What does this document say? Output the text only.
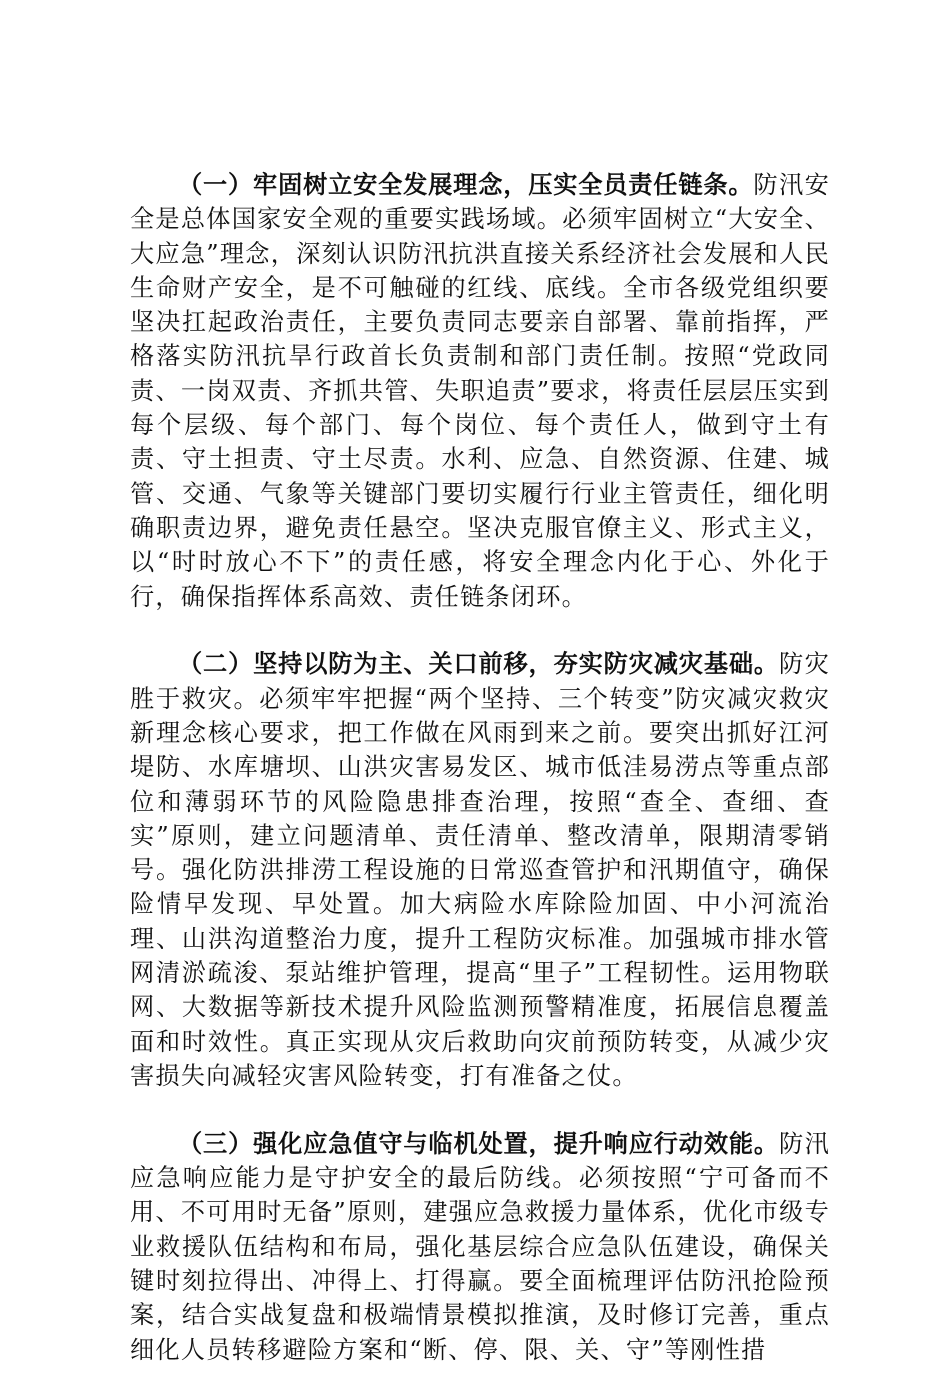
（一）牢固树立安全发展理念，压实全员责任链条。防汛安全是总体国家安全观的重要实践场域。必须牢固树立“大安全、大应急”理念，深刻认识防汛抗洪直接关系经济社会发展和人民生命财产安全，是不可触碰的红线、底线。全市各级党组织要坚决扛起政治责任，主要负责同志要亲自部署、靠前指挥，严格落实防汛抗旱行政首长负责制和部门责任制。按照“党政同责、一岗双责、齐抓共管、失职追责”要求，将责任层层压实到每个层级、每个部门、每个岗位、每个责任人，做到守土有责、守土担责、守土尽责。水利、应急、自然资源、住建、城管、交通、气象等关键部门要切实履行行业主管责任，细化明确职责边界，避免责任悬空。坚决克服官僚主义、形式主义，以“时时放心不下”的责任感，将安全理念内化于心、外化于行，确保指挥体系高效、责任链条闭环。

（二）坚持以防为主、关口前移，夯实防灾减灾基础。防灾胜于救灾。必须牢牢把握“两个坚持、三个转变”防灾减灾救灾新理念核心要求，把工作做在风雨到来之前。要突出抓好江河堤防、水库塘坝、山洪灾害易发区、城市低洼易涝点等重点部位和薄弱环节的风险隐患排查治理，按照“查全、查细、查实”原则，建立问题清单、责任清单、整改清单，限期清零销号。强化防洪排涝工程设施的日常巡查管护和汛期值守，确保险情早发现、早处置。加大病险水库除险加固、中小河流治理、山洪沟道整治力度，提升工程防灾标准。加强城市排水管网清淤疏浚、泵站维护管理，提高“里子”工程韧性。运用物联网、大数据等新技术提升风险监测预警精准度，拓展信息覆盖面和时效性。真正实现从灾后救助向灾前预防转变，从减少灾害损失向减轻灾害风险转变，打有准备之仗。

（三）强化应急值守与临机处置，提升响应行动效能。防汛应急响应能力是守护安全的最后防线。必须按照“宁可备而不用、不可用时无备”原则，建强应急救援力量体系，优化市级专业救援队伍结构和布局，强化基层综合应急队伍建设，确保关键时刻拉得出、冲得上、打得赢。要全面梳理评估防汛抢险预案，结合实战复盘和极端情景模拟推演，及时修订完善，重点细化人员转移避险方案和“断、停、限、关、守”等刚性措
